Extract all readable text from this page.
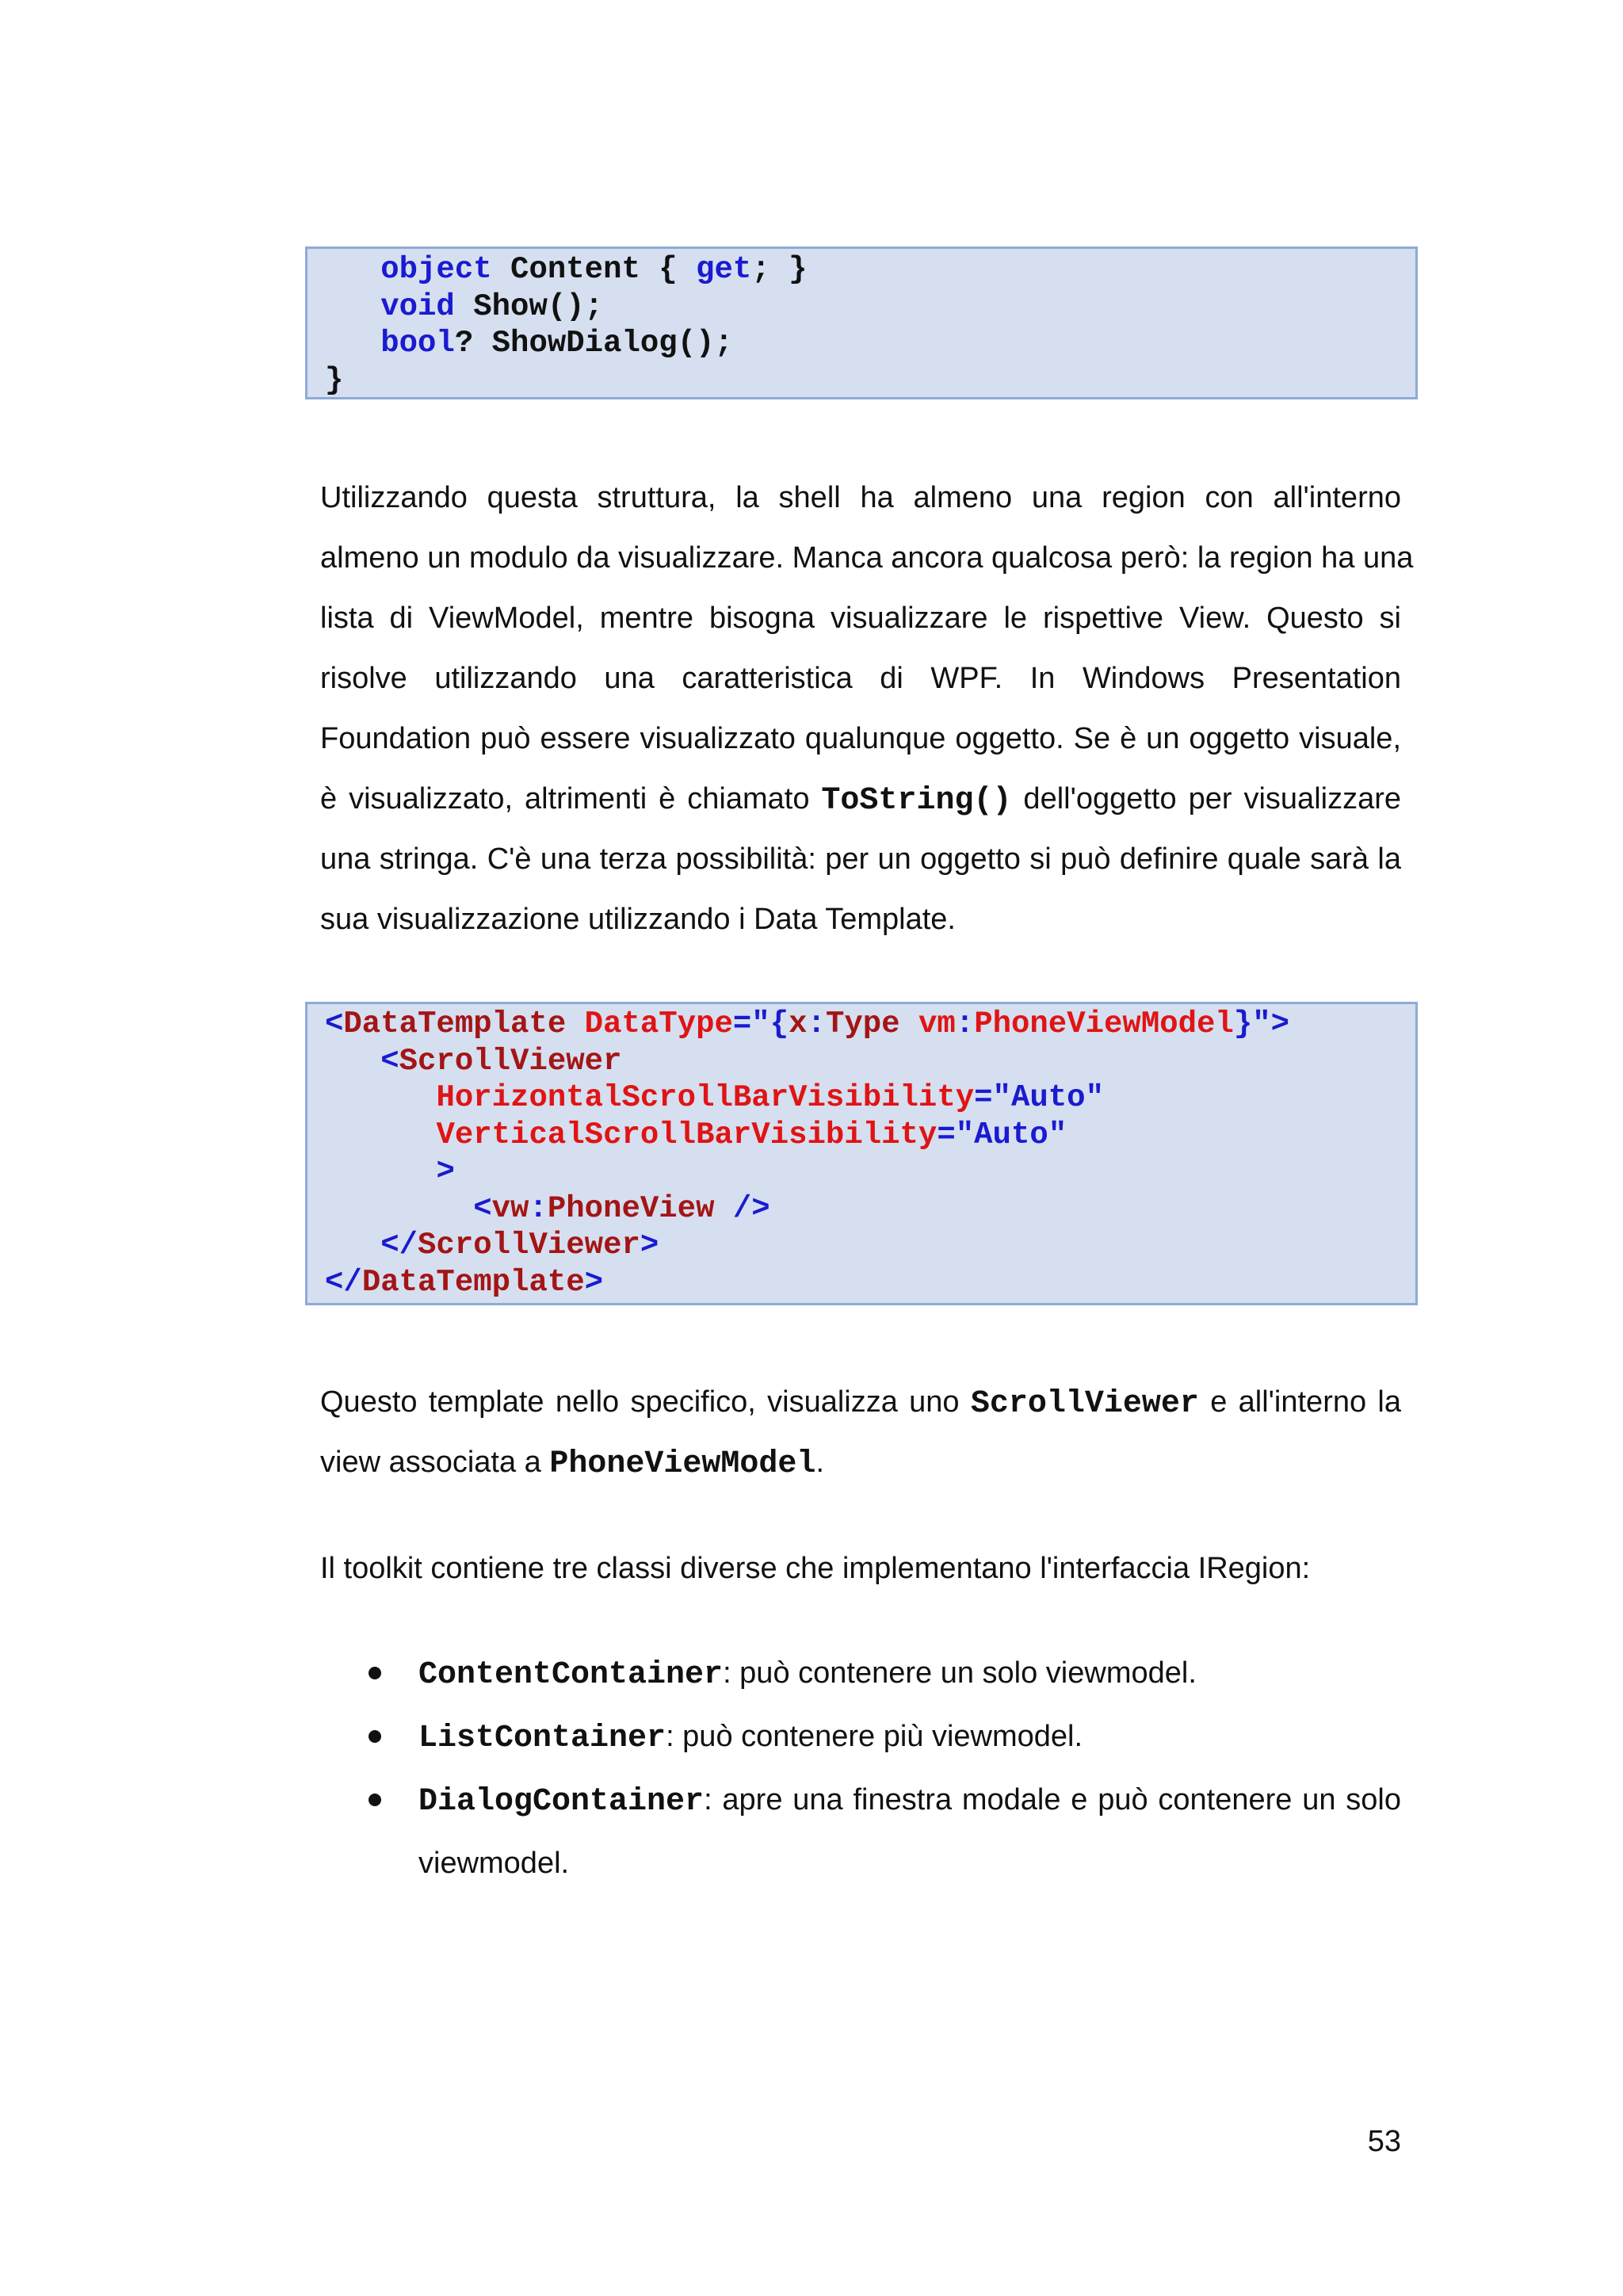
object Content { get; }
void Show();
bool? ShowDialog();
}
Utilizzando questa struttura, la shell ha almeno una region con all'interno
almeno un modulo da visualizzare. Manca ancora qualcosa però: la region ha una
lista di ViewModel, mentre bisogna visualizzare le rispettive View. Questo si
risolve utilizzando una caratteristica di WPF. In Windows Presentation
Foundation può essere visualizzato qualunque oggetto. Se è un oggetto visuale,
è visualizzato, altrimenti è chiamato ToString() dell'oggetto per visualizzare
una stringa. C'è una terza possibilità: per un oggetto si può definire quale sarà la
sua visualizzazione utilizzando i Data Template.
<DataTemplate DataType="{x:Type vm:PhoneViewModel}">
<ScrollViewer
HorizontalScrollBarVisibility="Auto"
VerticalScrollBarVisibility="Auto"
>
<vw:PhoneView />
</ScrollViewer>
</DataTemplate>
Questo template nello specifico, visualizza uno ScrollViewer e all'interno la
view associata a PhoneViewModel.
Il toolkit contiene tre classi diverse che implementano l'interfaccia IRegion:
ContentContainer: può contenere un solo viewmodel.
ListContainer: può contenere più viewmodel.
DialogContainer: apre una finestra modale e può contenere un solo
viewmodel.
53
